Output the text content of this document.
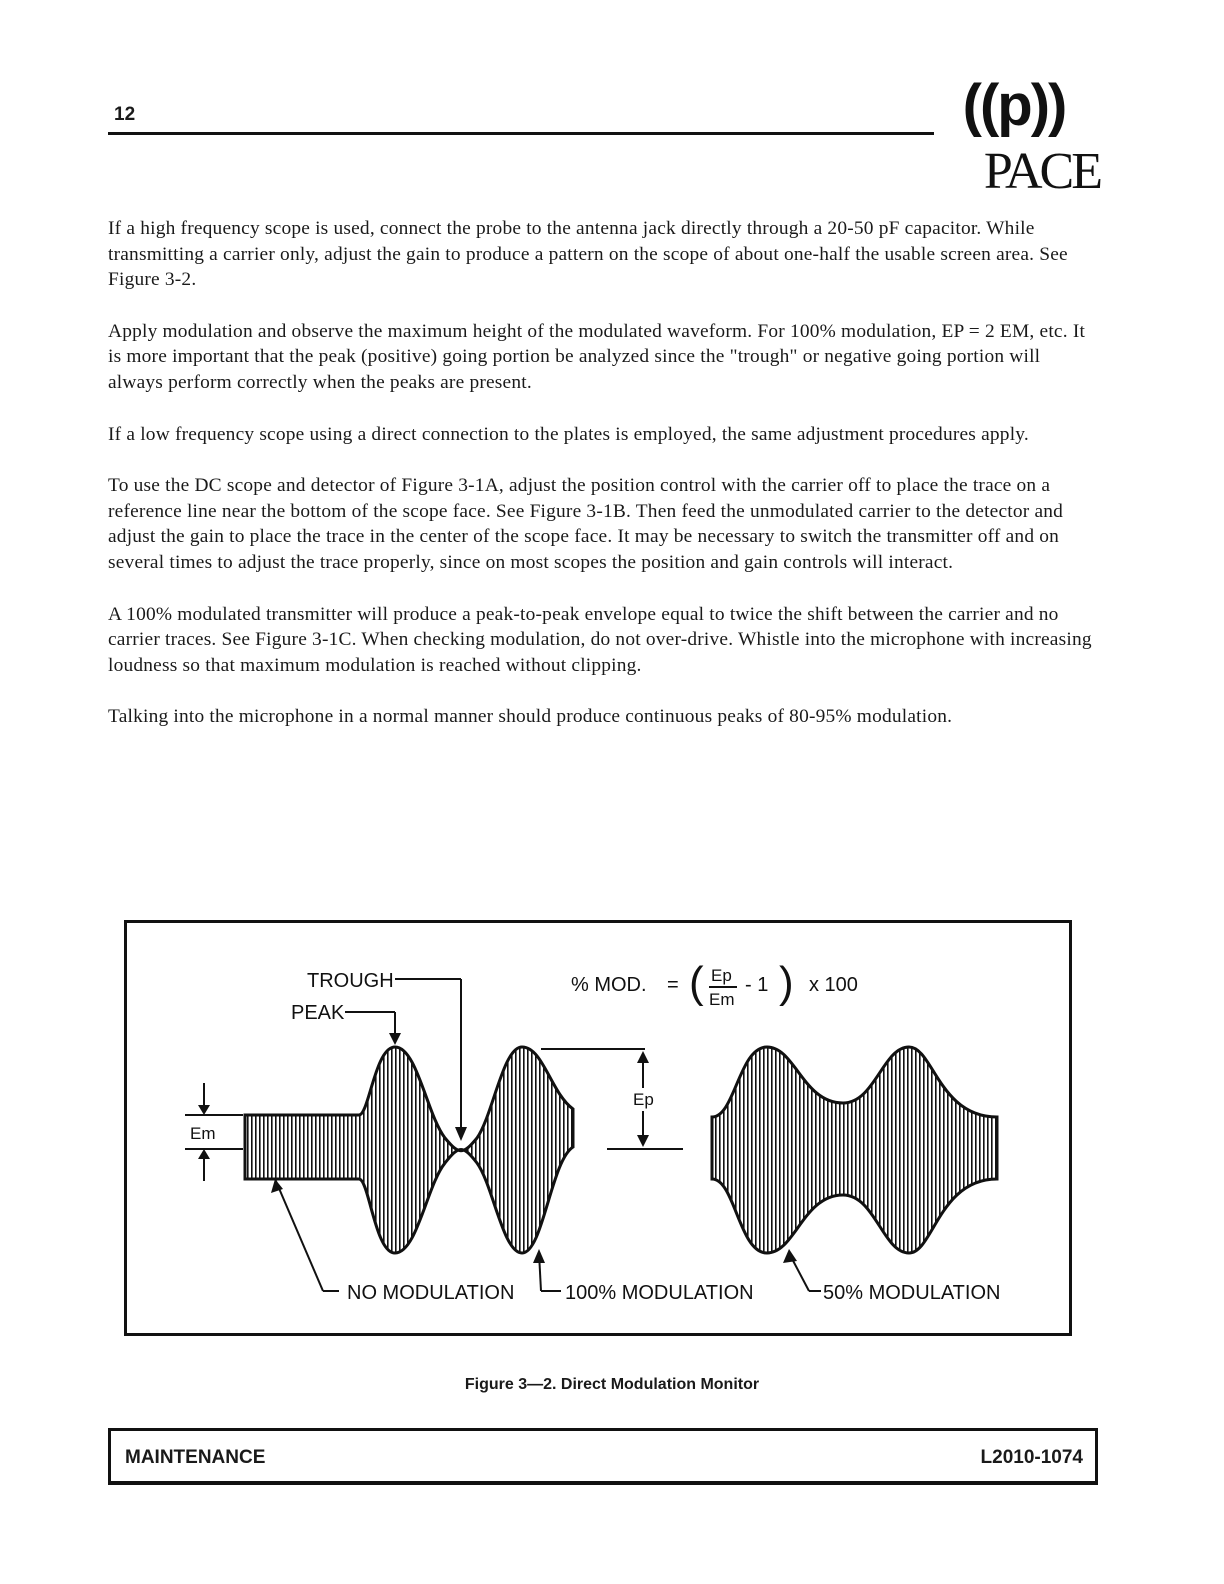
12	((p))
PACE

If a high frequency scope is used, connect the probe to the antenna jack directly through a 20-50 pF capacitor. While transmitting a carrier only, adjust the gain to produce a pattern on the scope of about one-half the usable screen area. See Figure 3-2.

Apply modulation and observe the maximum height of the modulated waveform. For 100% modulation, EP = 2 EM, etc. It is more important that the peak (positive) going portion be analyzed since the "trough" or negative going portion will always perform correctly when the peaks are present.

If a low frequency scope using a direct connection to the plates is employed, the same adjustment procedures apply.

To use the DC scope and detector of Figure 3-1A, adjust the position control with the carrier off to place the trace on a reference line near the bottom of the scope face. See Figure 3-1B. Then feed the unmodulated carrier to the detector and adjust the gain to place the trace in the center of the scope face. It may be necessary to switch the transmitter off and on several times to adjust the trace properly, since on most scopes the position and gain controls will interact.

A 100% modulated transmitter will produce a peak-to-peak envelope equal to twice the shift between the carrier and no carrier traces. See Figure 3-1C. When checking modulation, do not over-drive. Whistle into the microphone with increasing loudness so that maximum modulation is reached without clipping.

Talking into the microphone in a normal manner should produce continuous peaks of 80-95% modulation.

Em
Ep
TROUGH
PEAK
% MOD. = ( Ep
Em
- 1 ) x 100
NO MODULATION	100% MODULATION	50% MODULATION
Figure 3—2. Direct Modulation Monitor
MAINTENANCE	L2010-1074
